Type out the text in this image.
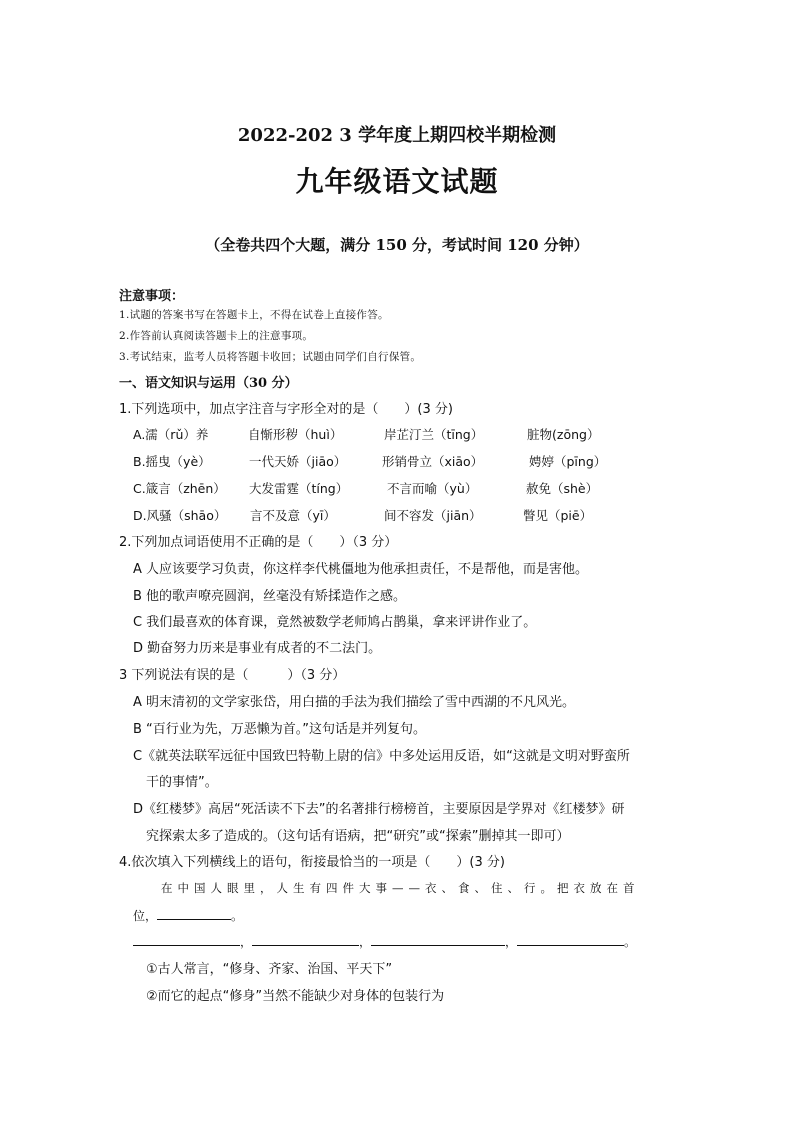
2022-202 3 学年度上期四校半期检测
九年级语文试题
（全卷共四个大题，满分 150 分，考试时间 120 分钟）
注意事项：
1.试题的答案书写在答题卡上，不得在试卷上直接作答。
2.作答前认真阅读答题卡上的注意事项。
3.考试结束，监考人员将答题卡收回；试题由同学们自行保管。
一、语文知识与运用（30 分）
1.下列选项中，加点字注音与字形全对的是（　　）(3 分)
A.濡（rǔ）养	自惭形秽（huì）	岸芷汀兰（tīng）	脏物(zōng）
B.摇曳（yè）	一代天娇（jiāo）	形销骨立（xiāo）	娉婷（pīng）
C.箴言（zhēn） 大发雷霆（tíng）	不言而喻（yù）	赦免（shè）
D.风骚（shāo） 言不及意（yī）	间不容发（jiān）	瞥见（piē）
2.下列加点词语使用不正确的是（　　）（3 分）
A 人应该要学习负责，你这样李代桃僵地为他承担责任，不是帮他，而是害他。
B 他的歌声嘹亮圆润，丝毫没有矫揉造作之感。
C 我们最喜欢的体育课，竟然被数学老师鸠占鹊巢，拿来评讲作业了。
D 勤奋努力历来是事业有成者的不二法门。
3 下列说法有误的是（　　　）（3 分）
A 明末清初的文学家张岱，用白描的手法为我们描绘了雪中西湖的不凡风光。
B “百行业为先，万恶懒为首。”这句话是并列复句。
C《就英法联军远征中国致巴特勒上尉的信》中多处运用反语，如“这就是文明对野蛮所
干的事情”。
D《红楼梦》高居“死活读不下去”的名著排行榜榜首，主要原因是学界对《红楼梦》研
究探索太多了造成的。（这句话有语病，把“研究”或“探索”删掉其一即可）
4.依次填入下列横线上的语句，衔接最恰当的一项是（　　）(3 分)
在中国人眼里，人生有四件大事——衣、食、住、行。把衣放在首
位，	。
，	，	，	。
①古人常言，“修身、齐家、治国、平天下”
②而它的起点“修身”当然不能缺少对身体的包装行为
